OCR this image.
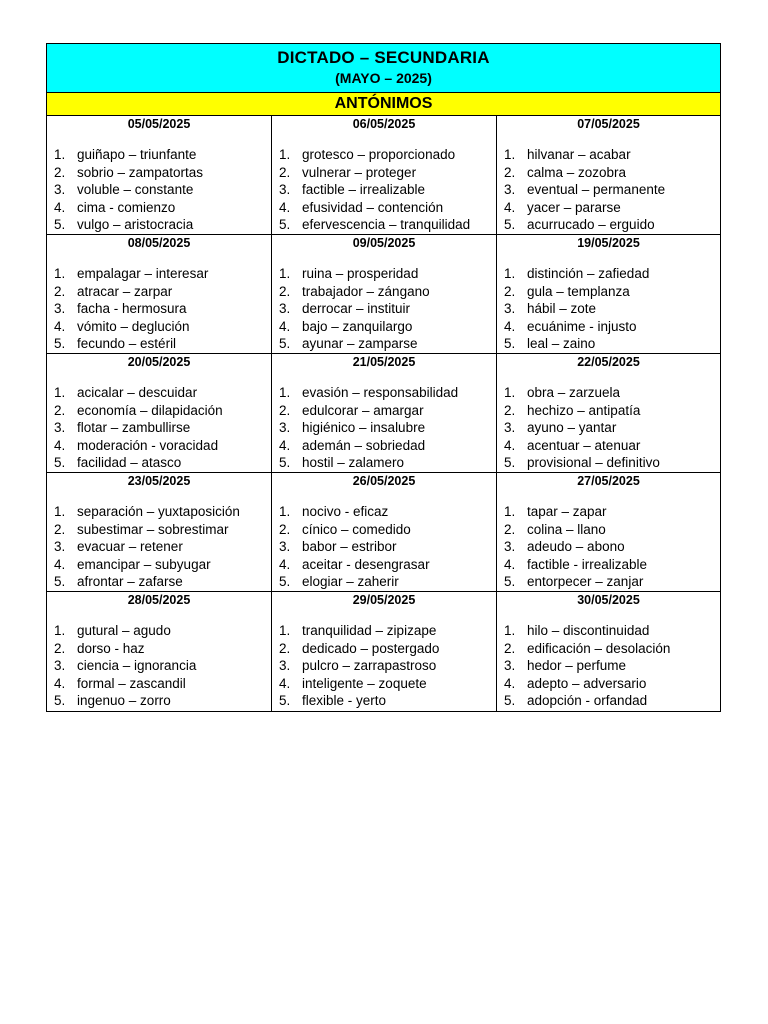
DICTADO – SECUNDARIA
(MAYO – 2025)
ANTÓNIMOS
05/05/2025
1. guiñapo – triunfante
2. sobrio – zampatortas
3. voluble – constante
4. cima - comienzo
5. vulgo – aristocracia
06/05/2025
1. grotesco – proporcionado
2. vulnerar – proteger
3. factible – irrealizable
4. efusividad – contención
5. efervescencia – tranquilidad
07/05/2025
1. hilvanar – acabar
2. calma – zozobra
3. eventual – permanente
4. yacer – pararse
5. acurrucado – erguido
08/05/2025
1. empalagar – interesar
2. atracar – zarpar
3. facha - hermosura
4. vómito – deglución
5. fecundo – estéril
09/05/2025
1. ruina – prosperidad
2. trabajador – zángano
3. derrocar – instituir
4. bajo – zanquilargo
5. ayunar – zamparse
19/05/2025
1. distinción – zafiedad
2. gula – templanza
3. hábil – zote
4. ecuánime - injusto
5. leal – zaino
20/05/2025
1. acicalar – descuidar
2. economía – dilapidación
3. flotar – zambullirse
4. moderación - voracidad
5. facilidad – atasco
21/05/2025
1. evasión – responsabilidad
2. edulcorar – amargar
3. higiénico – insalubre
4. ademán – sobriedad
5. hostil – zalamero
22/05/2025
1. obra – zarzuela
2. hechizo – antipatía
3. ayuno – yantar
4. acentuar – atenuar
5. provisional – definitivo
23/05/2025
1. separación – yuxtaposición
2. subestimar – sobrestimar
3. evacuar – retener
4. emancipar – subyugar
5. afrontar – zafarse
26/05/2025
1. nocivo - eficaz
2. cínico – comedido
3. babor – estribor
4. aceitar - desengrasar
5. elogiar – zaherir
27/05/2025
1. tapar – zapar
2. colina – llano
3. adeudo – abono
4. factible - irrealizable
5. entorpecer – zanjar
28/05/2025
1. gutural – agudo
2. dorso - haz
3. ciencia – ignorancia
4. formal – zascandil
5. ingenuo – zorro
29/05/2025
1. tranquilidad – zipizape
2. dedicado – postergado
3. pulcro – zarrapastroso
4. inteligente – zoquete
5. flexible - yerto
30/05/2025
1. hilo – discontinuidad
2. edificación – desolación
3. hedor – perfume
4. adepto – adversario
5. adopción - orfandad
